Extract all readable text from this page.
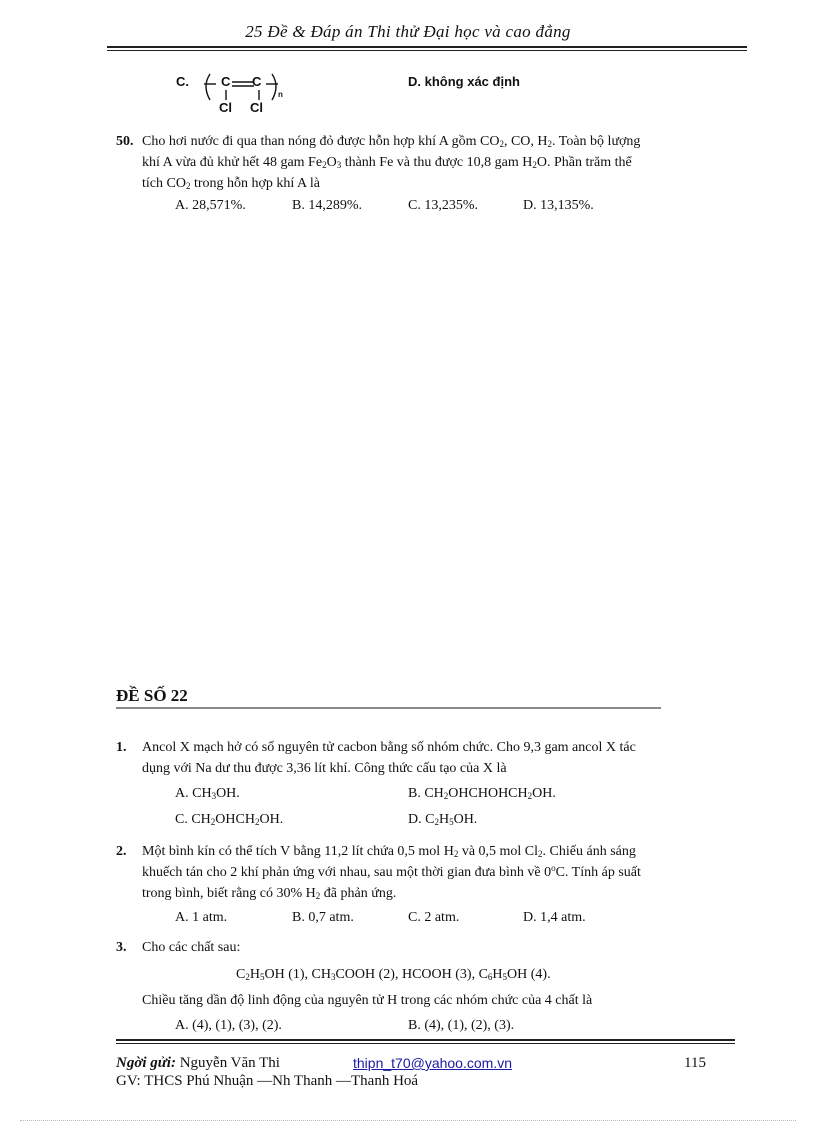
25 Đề & Đáp án Thi thử Đại học và cao đẳng
C. C C
Cl Cl
n
D. không xác định
50. Cho hơi nước đi qua than nóng đỏ được hỗn hợp khí A gồm $CO_2$, CO, $H_2$. Toàn bộ lượng
khí A vừa đủ khử hết 48 gam $Fe_2O_3$ thành Fe và thu được 10,8 gam $H_2O$. Phần trăm thể
tích $CO_2$ trong hỗn hợp khí A là
A. 28,571%.	B. 14,289%.	C. 13,235%.	D. 13,135%.
ĐỀ SỐ 22
1. Ancol X mạch hở có số nguyên tử cacbon bằng số nhóm chức. Cho 9,3 gam ancol X tác
dụng với Na dư thu được 3,36 lít khí. Công thức cấu tạo của X là
A. $CH_3OH$.	B. $CH_2OHCHOHCH_2OH$.
C. $CH_2OHCH_2OH$.	D. $C_2H_5OH$.
2. Một bình kín có thể tích V bằng 11,2 lít chứa 0,5 mol $H_2$ và 0,5 mol $Cl_2$. Chiếu ánh sáng
khuếch tán cho 2 khí phản ứng với nhau, sau một thời gian đưa bình về 0$^o$C. Tính áp suất
trong bình, biết rằng có 30% $H_2$ đã phản ứng.
A. 1 atm.	B. 0,7 atm.	C. 2 atm.	D. 1,4 atm.
3. Cho các chất sau:
$C_2H_5OH$ (1), $CH_3COOH$ (2), HCOOH (3), $C_6H_5OH$ (4).
Chiều tăng dần độ linh động của nguyên tử H trong các nhóm chức của 4 chất là
A. (4), (1), (3), (2).	B. (4), (1), (2), (3).
Ngời gửi: Nguyễn Văn Thi	thipn_t70@yahoo.com.vn	115
GV: THCS Phú Nhuận —Nh Thanh —Thanh Hoá
